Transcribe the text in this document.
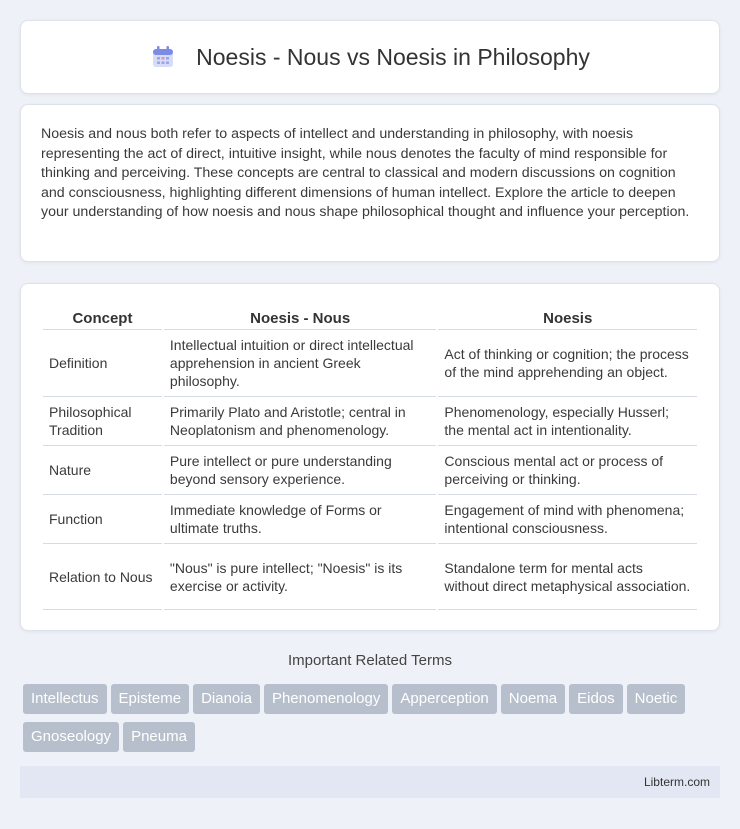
Noesis - Nous vs Noesis in Philosophy

Noesis and nous both refer to aspects of intellect and understanding in philosophy, with noesis representing the act of direct, intuitive insight, while nous denotes the faculty of mind responsible for thinking and perceiving. These concepts are central to classical and modern discussions on cognition and consciousness, highlighting different dimensions of human intellect. Explore the article to deepen your understanding of how noesis and nous shape philosophical thought and influence your perception.

Concept	Noesis - Nous	Noesis
Definition	Intellectual intuition or direct intellectual apprehension in ancient Greek philosophy.	Act of thinking or cognition; the process of the mind apprehending an object.
Philosophical Tradition	Primarily Plato and Aristotle; central in Neoplatonism and phenomenology.	Phenomenology, especially Husserl; the mental act in intentionality.
Nature	Pure intellect or pure understanding beyond sensory experience.	Conscious mental act or process of perceiving or thinking.
Function	Immediate knowledge of Forms or ultimate truths.	Engagement of mind with phenomena; intentional consciousness.
Relation to Nous	"Nous" is pure intellect; "Noesis" is its exercise or activity.	Standalone term for mental acts without direct metaphysical association.
Important Related Terms
Intellectus Episteme Dianoia Phenomenology Apperception Noema Eidos NoeticGnoseology Pneuma
Libterm.com
